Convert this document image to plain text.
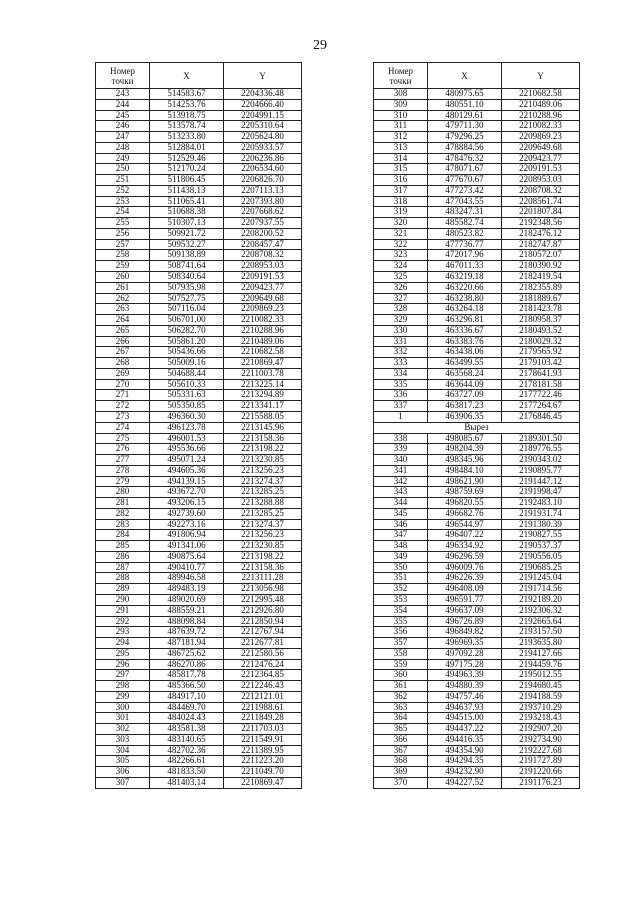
29
Номер
точки	X	Y
243	514583.67	2204336.48
244	514253.76	2204666.40
245	513918.75	2204991.15
246	513578.74	2205310.64
247	513233.80	2205624.80
248	512884.01	2205933.57
249	512529.46	2206236.86
250	512170.24	2206534.60
251	511806.45	2206826.70
252	511438.13	2207113.13
253	511065.41	2207393.80
254	510688.38	2207668.62
255	510307.13	2207937.55
256	509921.72	2208200.52
257	509532.27	2208457.47
258	509138.89	2208708.32
259	508741.64	2208953.03
260	508340.64	2209191.53
261	507935.98	2209423.77
262	507527.75	2209649.68
263	507116.04	2209869.23
264	506701.00	2210082.33
265	506282.70	2210288.96
266	505861.20	2210489.06
267	505436.66	2210682.58
268	505009.16	2210869.47
269	504688.44	2211003.78
270	505610.33	2213225.14
271	505331.63	2213294.89
272	505350.85	2213341.17
273	496360.30	2215588.05
274	496123.78	2213145.96
275	496001.53	2213158.36
276	495536.66	2213198.22
277	495071.24	2213230.85
278	494605.36	2213256.23
279	494139.15	2213274.37
280	493672.70	2213285.25
281	493206.15	2213288.88
282	492739.60	2213285.25
283	492273.16	2213274.37
284	491806.94	2213256.23
285	491341.06	2213230.85
286	490875.64	2213198.22
287	490410.77	2213158.36
288	489946.58	2213111.28
289	489483.19	2213056.98
290	489020.69	2212995.48
291	488559.21	2212926.80
292	488098.84	2212850.94
293	487639.72	2212767.94
294	487181.94	2212677.81
295	486725.62	2212580.56
296	486270.86	2212476.24
297	485817.78	2212364.85
298	485366.50	2212246.43
299	484917.10	2212121.01
300	484469.70	2211988.61
301	484024.43	2211849.28
302	483581.38	2211703.03
303	483140.65	2211549.91
304	482702.36	2211389.95
305	482266.61	2211223.20
306	481833.50	2211049.70
307	481403.14	2210869.47
Номер
точки	X	Y
308	480975.65	2210682.58
309	480551.10	2210489.06
310	480129.61	2210288.96
311	479711.30	2210082.33
312	479296.25	2209869.23
313	478884.56	2209649.68
314	478476.32	2209423.77
315	478071.67	2209191.53
316	477670.67	2208953.03
317	477273.42	2208708.32
318	477043.55	2208561.74
319	483247.31	2201807.84
320	485582.74	2192348.56
321	480523.82	2182476.12
322	477736.77	2182747.87
323	472017.96	2180572.07
324	467011.33	2180390.92
325	463219.18	2182419.54
326	463220.66	2182355.89
327	463238.80	2181889.67
328	463264.18	2181423.78
329	463296.81	2180958.37
330	463336.67	2180493.52
331	463383.76	2180029.32
332	463438.06	2179565.92
333	463499.55	2179103.42
334	463568.24	2178641.93
335	463644.09	2178181.58
336	463727.09	2177722.46
337	463817.23	2177264.67
1	463906.35	2176846.45
Вырез		
338	498085.67	2189301.50
339	498204.39	2189776.55
340	498345.96	2190343.02
341	498484.10	2190895.77
342	498621.90	2191447.12
343	498759.69	2191998.47
344	496820.55	2192483.10
345	496682.76	2191931.74
346	496544.97	2191380.39
347	496407.22	2190827.55
348	496334.92	2190537.37
349	496296.59	2190556.05
350	496009.76	2190685.25
351	496226.39	2191245.04
352	496408.09	2191714.56
353	496591.77	2192189.20
354	496637.09	2192306.32
355	496726.89	2192665.64
356	496849.82	2193157.50
357	496969.35	2193635.80
358	497092.28	2194127.66
359	497175.28	2194459.76
360	494963.39	2195012.55
361	494880.39	2194680.45
362	494757.46	2194188.59
363	494637.93	2193710.29
364	494515.00	2193218.43
365	494437.22	2192907.20
366	494416.35	2192734.90
367	494354.90	2192227.68
368	494294.35	2191727.89
369	494232.90	2191220.66
370	494227.52	2191176.23
